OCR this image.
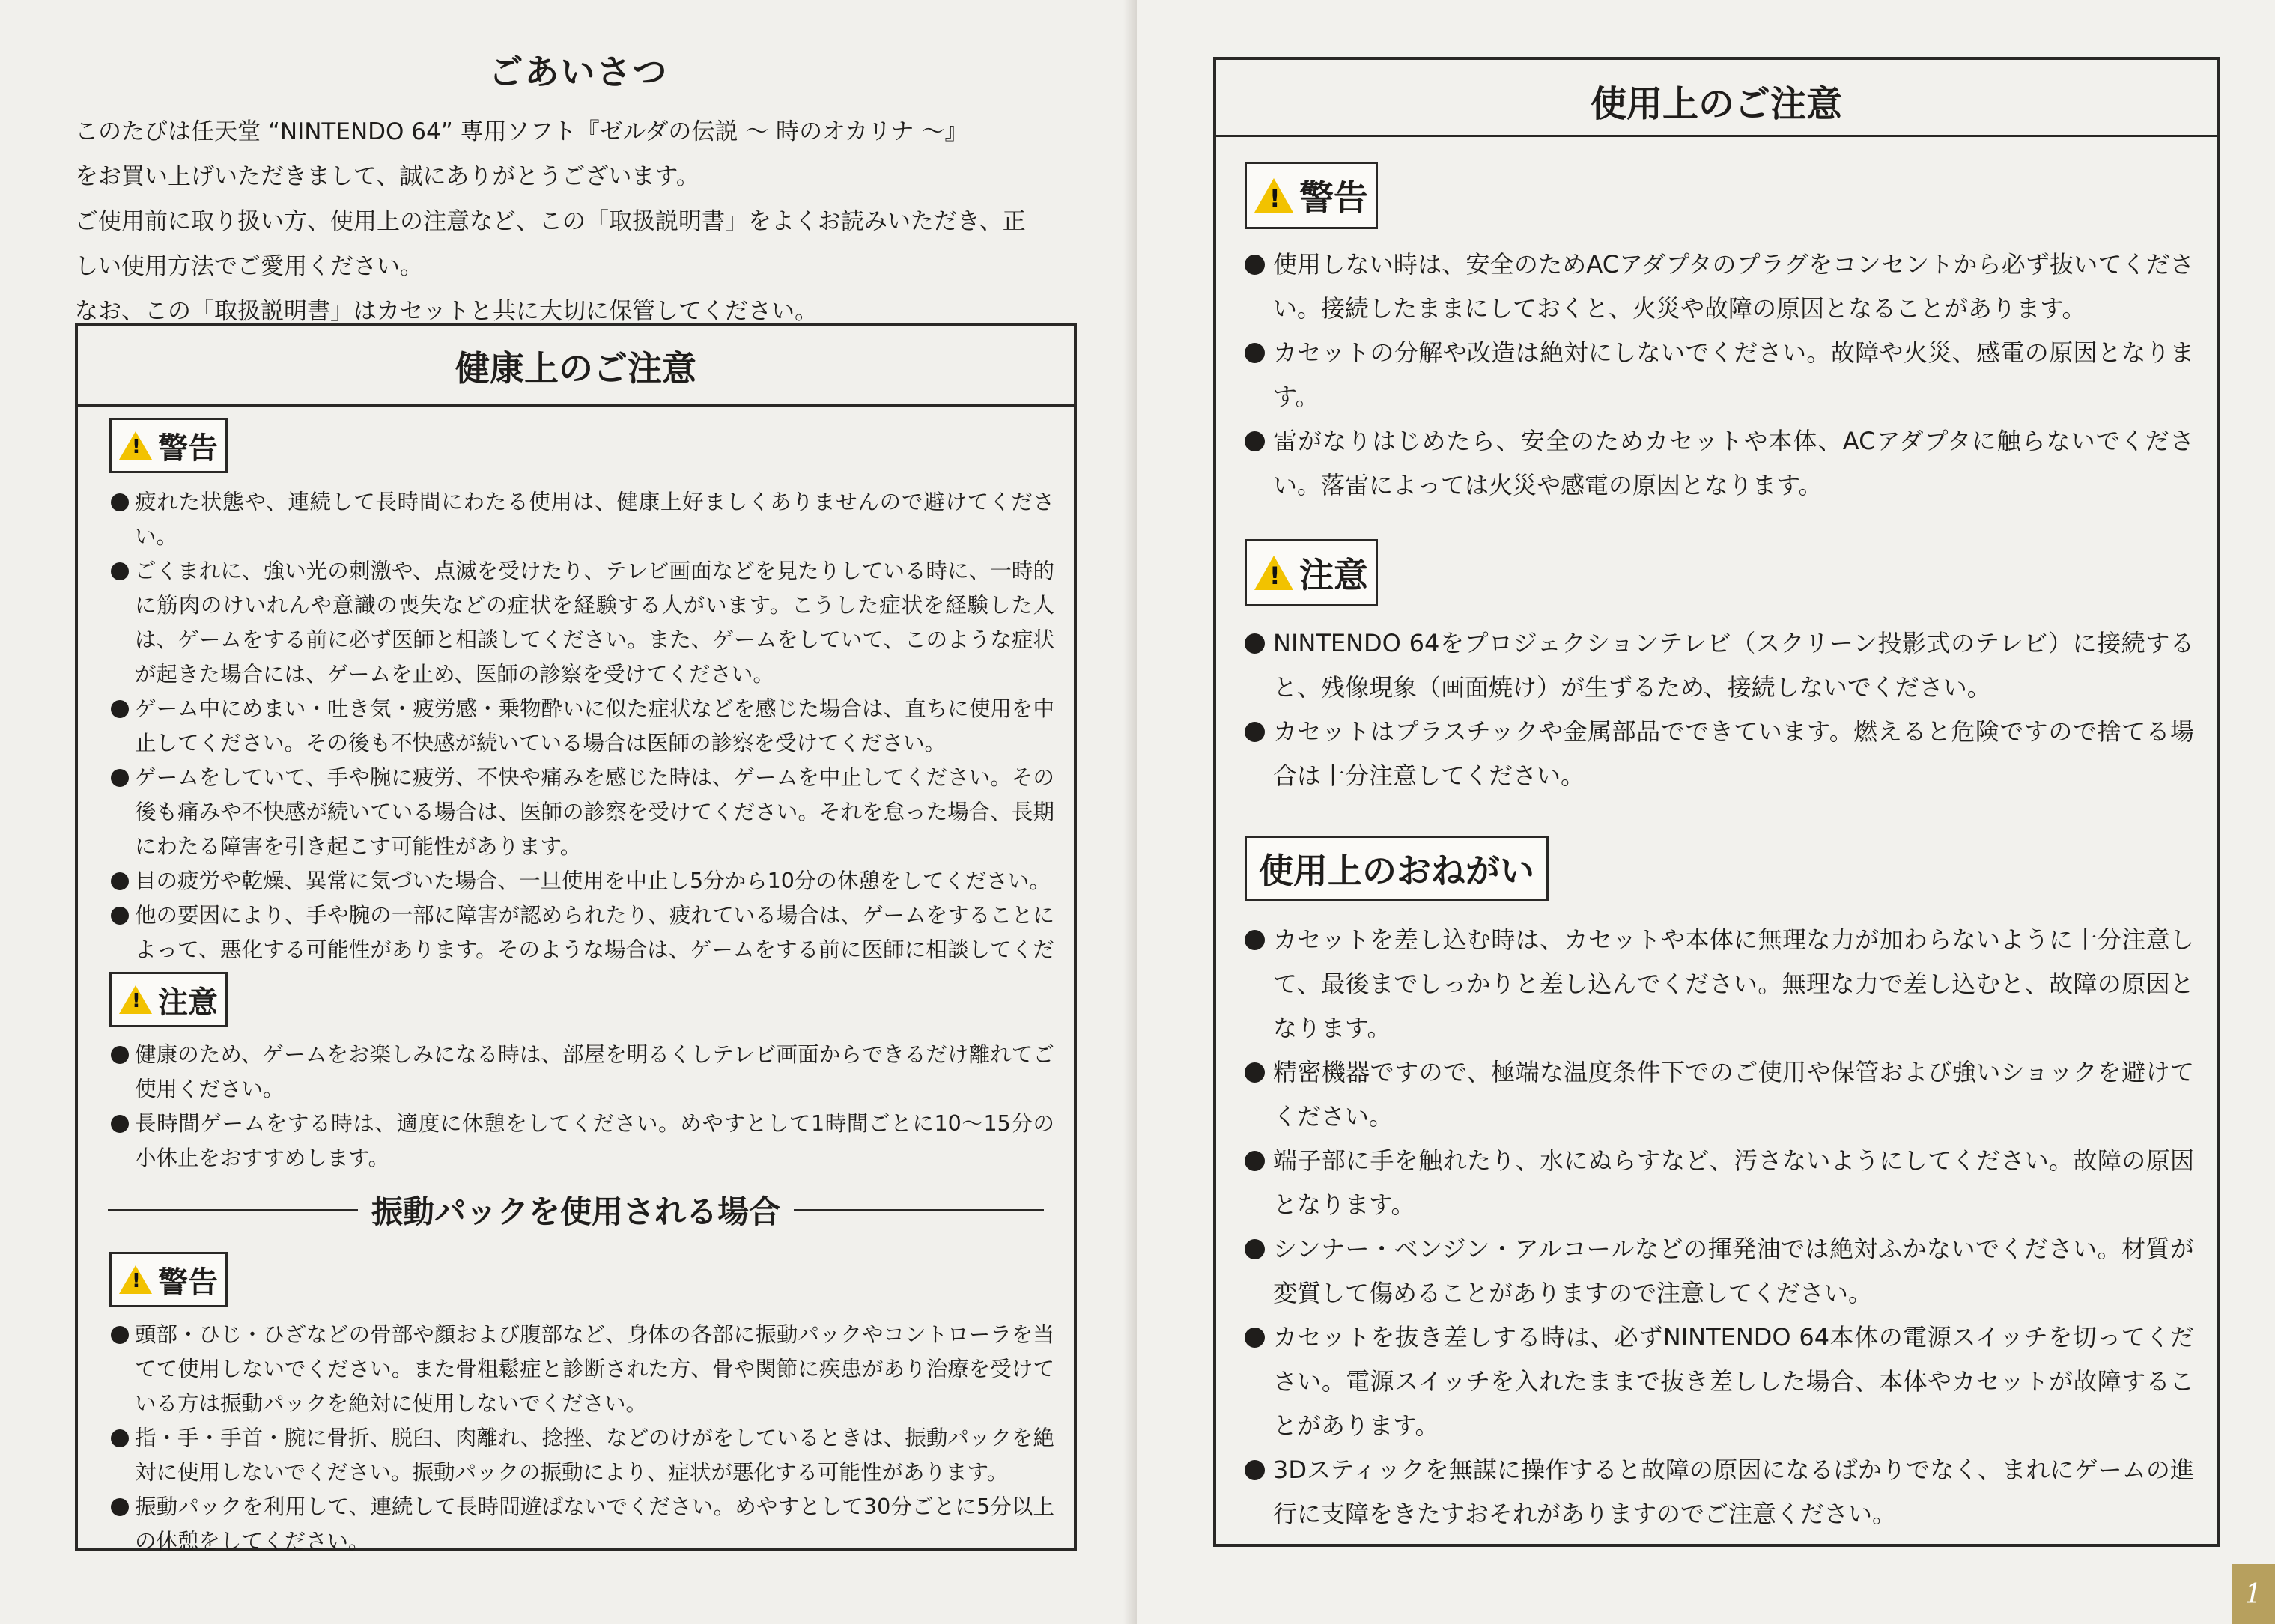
ごあいさつ

このたびは任天堂 “NINTENDO 64” 専用ソフト『ゼルダの伝説 〜 時のオカリナ 〜』

をお買い上げいただきまして、誠にありがとうございます。

ご使用前に取り扱い方、使用上の注意など、この「取扱説明書」をよくお読みいただき、正

しい使用方法でご愛用ください。

なお、この「取扱説明書」はカセットと共に大切に保管してください。

健康上のご注意
!
警告
疲れた状態や、連続して長時間にわたる使用は、健康上好ましくありませんので避けてください。
ごくまれに、強い光の刺激や、点滅を受けたり、テレビ画面などを見たりしている時に、一時的に筋肉のけいれんや意識の喪失などの症状を経験する人がいます。こうした症状を経験した人は、ゲームをする前に必ず医師と相談してください。また、ゲームをしていて、このような症状が起きた場合には、ゲームを止め、医師の診察を受けてください。
ゲーム中にめまい・吐き気・疲労感・乗物酔いに似た症状などを感じた場合は、直ちに使用を中止してください。その後も不快感が続いている場合は医師の診察を受けてください。
ゲームをしていて、手や腕に疲労、不快や痛みを感じた時は、ゲームを中止してください。その後も痛みや不快感が続いている場合は、医師の診察を受けてください。それを怠った場合、長期にわたる障害を引き起こす可能性があります。
目の疲労や乾燥、異常に気づいた場合、一旦使用を中止し5分から10分の休憩をしてください。
他の要因により、手や腕の一部に障害が認められたり、疲れている場合は、ゲームをすることによって、悪化する可能性があります。そのような場合は、ゲームをする前に医師に相談してくだ
!
注意
健康のため、ゲームをお楽しみになる時は、部屋を明るくしテレビ画面からできるだけ離れてご使用ください。
長時間ゲームをする時は、適度に休憩をしてください。めやすとして1時間ごとに10〜15分の小休止をおすすめします。
振動パックを使用される場合
!
警告
頭部・ひじ・ひざなどの骨部や顔および腹部など、身体の各部に振動パックやコントローラを当てて使用しないでください。また骨粗鬆症と診断された方、骨や関節に疾患があり治療を受けている方は振動パックを絶対に使用しないでください。
指・手・手首・腕に骨折、脱臼、肉離れ、捻挫、などのけがをしているときは、振動パックを絶対に使用しないでください。振動パックの振動により、症状が悪化する可能性があります。
振動パックを利用して、連続して長時間遊ばないでください。めやすとして30分ごとに5分以上の休憩をしてください。
使用上のご注意
!
警告
使用しない時は、安全のためACアダプタのプラグをコンセントから必ず抜いてください。接続したままにしておくと、火災や故障の原因となることがあります。
カセットの分解や改造は絶対にしないでください。故障や火災、感電の原因となります。
雷がなりはじめたら、安全のためカセットや本体、ACアダプタに触らないでください。落雷によっては火災や感電の原因となります。
!
注意
NINTENDO 64をプロジェクションテレビ（スクリーン投影式のテレビ）に接続すると、残像現象（画面焼け）が生ずるため、接続しないでください。
カセットはプラスチックや金属部品でできています。燃えると危険ですので捨てる場合は十分注意してください。
使用上のおねがい
カセットを差し込む時は、カセットや本体に無理な力が加わらないように十分注意して、最後までしっかりと差し込んでください。無理な力で差し込むと、故障の原因となります。
精密機器ですので、極端な温度条件下でのご使用や保管および強いショックを避けてください。
端子部に手を触れたり、水にぬらすなど、汚さないようにしてください。故障の原因となります。
シンナー・ベンジン・アルコールなどの揮発油では絶対ふかないでください。材質が変質して傷めることがありますので注意してください。
カセットを抜き差しする時は、必ずNINTENDO 64本体の電源スイッチを切ってください。電源スイッチを入れたままで抜き差しした場合、本体やカセットが故障することがあります。
3Dスティックを無謀に操作すると故障の原因になるばかりでなく、まれにゲームの進行に支障をきたすおそれがありますのでご注意ください。
1
